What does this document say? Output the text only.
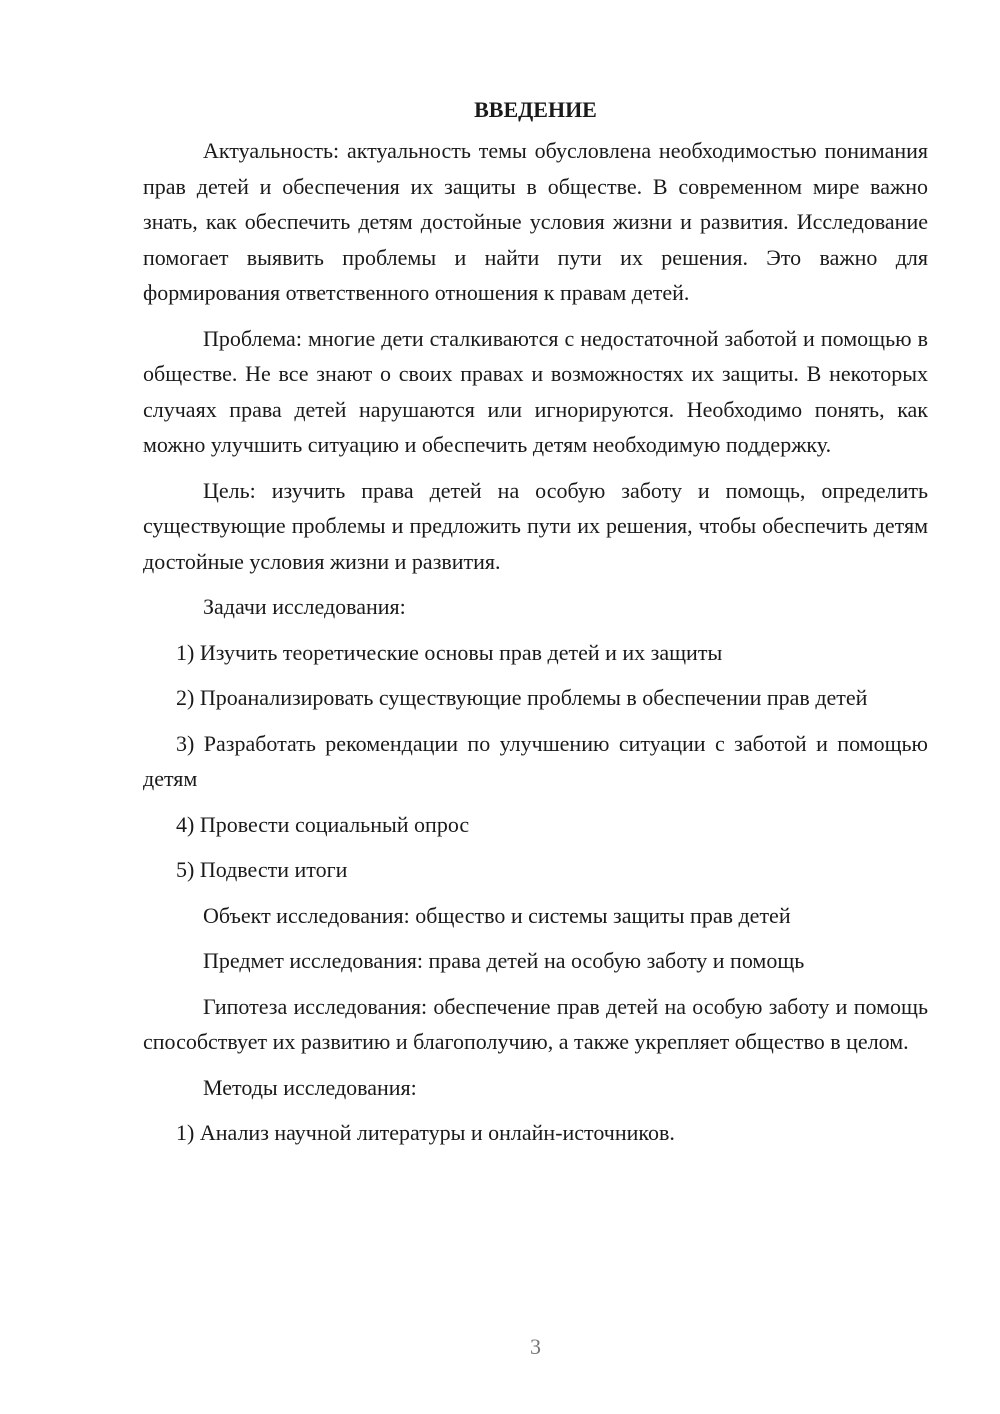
ВВЕДЕНИЕ

Актуальность: актуальность темы обусловлена необходимостью понимания прав детей и обеспечения их защиты в обществе. В современном мире важно знать, как обеспечить детям достойные условия жизни и развития. Исследование помогает выявить проблемы и найти пути их решения. Это важно для формирования ответственного отношения к правам детей.

Проблема: многие дети сталкиваются с недостаточной заботой и помощью в обществе. Не все знают о своих правах и возможностях их защиты. В некоторых случаях права детей нарушаются или игнорируются. Необходимо понять, как можно улучшить ситуацию и обеспечить детям необходимую поддержку.

Цель: изучить права детей на особую заботу и помощь, определить существующие проблемы и предложить пути их решения, чтобы обеспечить детям достойные условия жизни и развития.

Задачи исследования:

1) Изучить теоретические основы прав детей и их защиты

2) Проанализировать существующие проблемы в обеспечении прав детей

3) Разработать рекомендации по улучшению ситуации с заботой и помощью детям

4) Провести социальный опрос

5) Подвести итоги

Объект исследования: общество и системы защиты прав детей

Предмет исследования: права детей на особую заботу и помощь

Гипотеза исследования: обеспечение прав детей на особую заботу и помощь способствует их развитию и благополучию, а также укрепляет общество в целом.

Методы исследования:

1) Анализ научной литературы и онлайн-источников.

3
